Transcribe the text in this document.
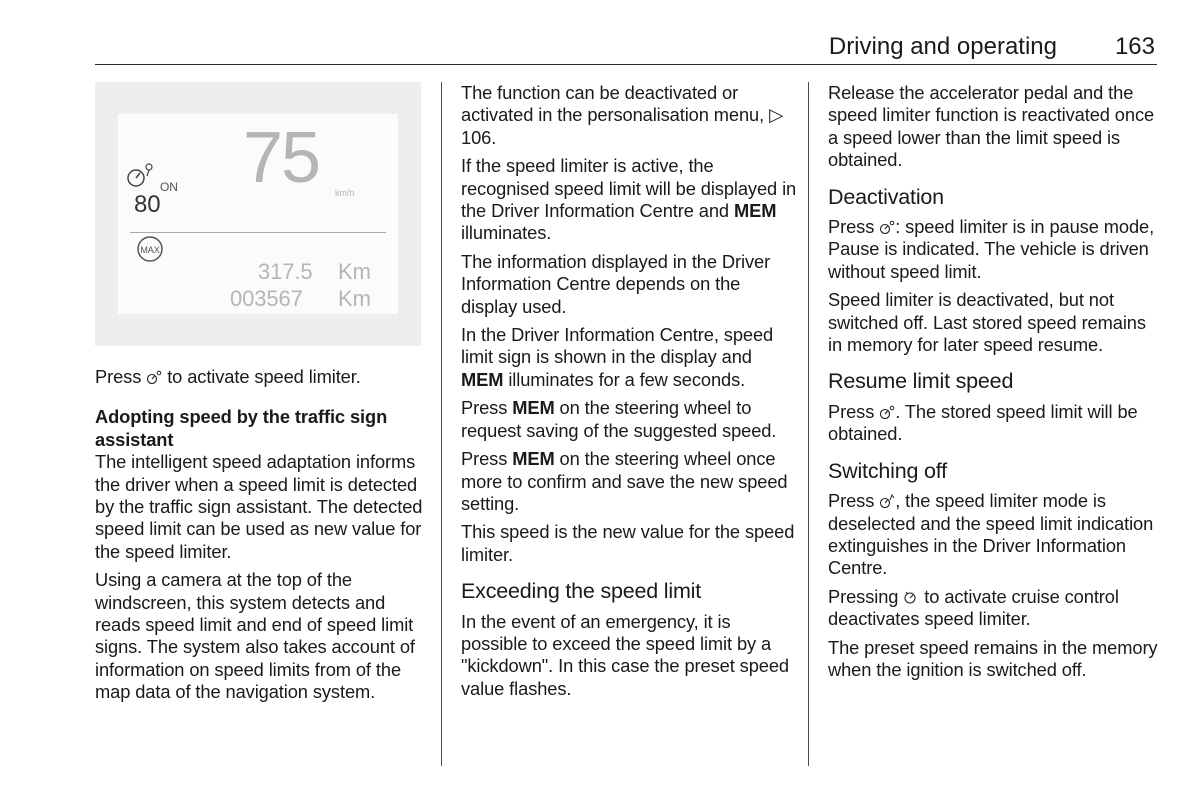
Driving and operating 163
ON
80
75 km/h
MAX
317.5 Km
003567 Km

Press  to activate speed limiter.

Adopting speed by the traffic sign assistant

The intelligent speed adaptation informs the driver when a speed limit is detected by the traffic sign assistant. The detected speed limit can be used as new value for the speed limiter.

Using a camera at the top of the windscreen, this system detects and reads speed limit and end of speed limit signs. The system also takes account of information on speed limits from of the map data of the navigation system.

The function can be deactivated or activated in the personalisation menu, ▷ 106.

If the speed limiter is active, the recognised speed limit will be displayed in the Driver Information Centre and MEM illuminates.

The information displayed in the Driver Information Centre depends on the display used.

In the Driver Information Centre, speed limit sign is shown in the display and MEM illuminates for a few seconds.

Press MEM on the steering wheel to request saving of the suggested speed.

Press MEM on the steering wheel once more to confirm and save the new speed setting.

This speed is the new value for the speed limiter.

Exceeding the speed limit

In the event of an emergency, it is possible to exceed the speed limit by a "kickdown". In this case the preset speed value flashes.

Release the accelerator pedal and the speed limiter function is reactivated once a speed lower than the limit speed is obtained.

Deactivation

Press : speed limiter is in pause mode, Pause is indicated. The vehicle is driven without speed limit.

Speed limiter is deactivated, but not switched off. Last stored speed remains in memory for later speed resume.

Resume limit speed

Press . The stored speed limit will be obtained.

Switching off

Press , the speed limiter mode is deselected and the speed limit indication extinguishes in the Driver Information Centre.

Pressing  to activate cruise control deactivates speed limiter.

The preset speed remains in the memory when the ignition is switched off.
